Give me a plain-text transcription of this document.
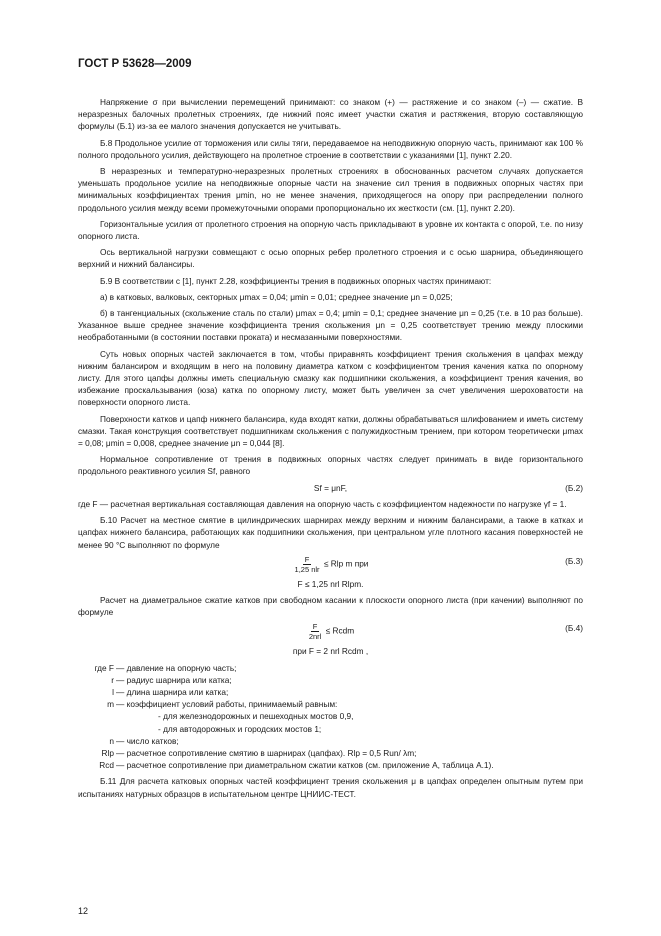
ГОСТ Р 53628—2009

Напряжение σ при вычислении перемещений принимают: со знаком (+) — растяжение и со знаком (–) — сжатие. В неразрезных балочных пролетных строениях, где нижний пояс имеет участки сжатия и растяжения, вторую составляющую формулы (Б.1) из-за ее малого значения допускается не учитывать.

Б.8 Продольное усилие от торможения или силы тяги, передаваемое на неподвижную опорную часть, принимают как 100 % полного продольного усилия, действующего на пролетное строение в соответствии с указаниями [1], пункт 2.20.

В неразрезных и температурно-неразрезных пролетных строениях в обоснованных расчетом случаях допускается уменьшать продольное усилие на неподвижные опорные части на значение сил трения в подвижных опорных частях при минимальных коэффициентах трения μmin, но не менее значения, приходящегося на опору при распределении полного продольного усилия между всеми промежуточными опорами пропорционально их жесткости (см. [1], пункт 2.20).

Горизонтальные усилия от пролетного строения на опорную часть прикладывают в уровне их контакта с опорой, т.е. по низу опорного листа.

Ось вертикальной нагрузки совмещают с осью опорных ребер пролетного строения и с осью шарнира, объединяющего верхний и нижний балансиры.

Б.9 В соответствии с [1], пункт 2.28, коэффициенты трения в подвижных опорных частях принимают:

а) в катковых, валковых, секторных μmax = 0,04; μmin = 0,01; среднее значение μn = 0,025;

б) в тангенциальных (скольжение сталь по стали) μmax = 0,4; μmin = 0,1; среднее значение μn = 0,25 (т.е. в 10 раз больше). Указанное выше среднее значение коэффициента трения скольжения μn = 0,25 соответствует трению между плоскими необработанными (в состоянии поставки проката) и несмазанными поверхностями.

Суть новых опорных частей заключается в том, чтобы приравнять коэффициент трения скольжения в цапфах между нижним балансиром и входящим в него на половину диаметра катком с коэффициентом трения качения катка по опорному листу. Для этого цапфы должны иметь специальную смазку как подшипники скольжения, а коэффициент трения качения, во избежание проскальзывания (юза) катка по опорному листу, может быть увеличен за счет увеличения шероховатости на поверхности опорного листа.

Поверхности катков и цапф нижнего балансира, куда входят катки, должны обрабатываться шлифованием и иметь систему смазки. Такая конструкция соответствует подшипникам скольжения с полужидкостным трением, при котором теоретически μmax = 0,08; μmin = 0,008, среднее значение μn = 0,044 [8].

Нормальное сопротивление от трения в подвижных опорных частях следует принимать в виде горизонтального продольного реактивного усилия Sf, равного

Sf = μnF,	(Б.2)

где F — расчетная вертикальная составляющая давления на опорную часть с коэффициентом надежности по нагрузке γf = 1.

Б.10 Расчет на местное смятие в цилиндрических шарнирах между верхним и нижним балансирами, а также в катках и цапфах нижнего балансира, работающих как подшипники скольжения, при центральном угле плотного касания поверхностей не менее 90 °С выполняют по формуле

$\frac{F}{\text{1,25 nlr}}$ ≤ Rlp m при	(Б.3)
F ≤ 1,25 nrl Rlpm.

Расчет на диаметральное сжатие катков при свободном касании к плоскости опорного листа (при качении) выполняют по формуле

$\frac{F}{\text{2nrl}}$ ≤ Rcdm	(Б.4)
при F = 2 nrl Rcdm ,
где F — давление на опорную часть;
r — радиус шарнира или катка;
l — длина шарнира или катка;
m — коэффициент условий работы, принимаемый равным:
- для железнодорожных и пешеходных мостов 0,9,
- для автодорожных и городских мостов 1;
n — число катков;
Rlp — расчетное сопротивление смятию в шарнирах (цапфах). Rlp = 0,5 Run/ λm;
Rcd — расчетное сопротивление при диаметральном сжатии катков (см. приложение А, таблица А.1).

Б.11 Для расчета катковых опорных частей коэффициент трения скольжения μ в цапфах определен опытным путем при испытаниях натурных образцов в испытательном центре ЦНИИС-ТЕСТ.

12
